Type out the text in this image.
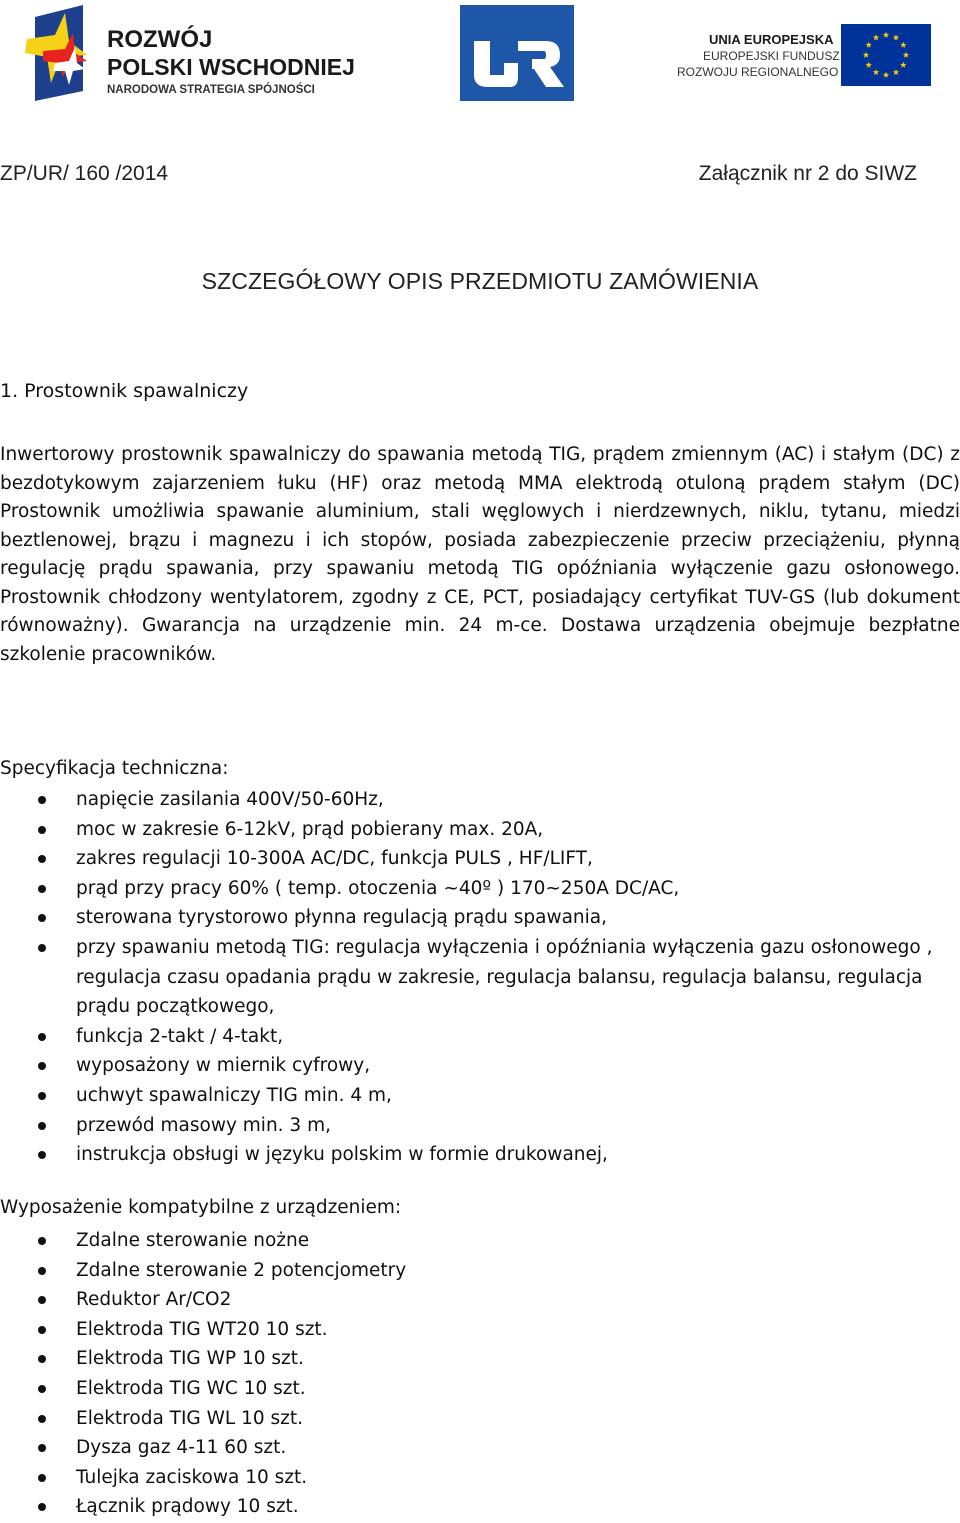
ROZWÓJ
POLSKI WSCHODNIEJ
NARODOWA STRATEGIA SPÓJNOŚCI
UNIA EUROPEJSKA
EUROPEJSKI FUNDUSZ
ROZWOJU REGIONALNEGO
ZP/UR/ 160 /2014	Załącznik nr 2 do SIWZ
SZCZEGÓŁOWY OPIS PRZEDMIOTU ZAMÓWIENIA
1. Prostownik spawalniczy

Inwertorowy prostownik spawalniczy do spawania metodą TIG, prądem zmiennym (AC) i stałym (DC) z bezdotykowym zajarzeniem łuku (HF) oraz metodą MMA elektrodą otuloną prądem stałym (DC) Prostownik umożliwia spawanie aluminium, stali węglowych i nierdzewnych, niklu, tytanu, miedzi beztlenowej, brązu i magnezu i ich stopów, posiada zabezpieczenie przeciw przeciążeniu, płynną regulację prądu spawania, przy spawaniu metodą TIG opóźniania wyłączenie gazu osłonowego. Prostownik chłodzony wentylatorem, zgodny z CE, PCT, posiadający certyfikat TUV-GS (lub dokument równoważny). Gwarancja na urządzenie min. 24 m-ce. Dostawa urządzenia obejmuje bezpłatne szkolenie pracowników.

Specyfikacja techniczna:
napięcie zasilania 400V/50-60Hz,
moc w zakresie 6-12kV, prąd pobierany max. 20A,
zakres regulacji 10-300A AC/DC, funkcja PULS , HF/LIFT,
prąd przy pracy 60% ( temp. otoczenia ~40º ) 170~250A DC/AC,
sterowana tyrystorowo płynna regulacją prądu spawania,
przy spawaniu metodą TIG: regulacja wyłączenia i opóźniania wyłączenia gazu osłonowego , regulacja czasu opadania prądu w zakresie, regulacja balansu, regulacja balansu, regulacja prądu początkowego,
funkcja 2-takt / 4-takt,
wyposażony w miernik cyfrowy,
uchwyt spawalniczy TIG min. 4 m,
przewód masowy min. 3 m,
instrukcja obsługi w języku polskim w formie drukowanej,
Wyposażenie kompatybilne z urządzeniem:
Zdalne sterowanie nożne
Zdalne sterowanie 2 potencjometry
Reduktor Ar/CO2
Elektroda TIG WT20 10 szt.
Elektroda TIG WP 10 szt.
Elektroda TIG WC 10 szt.
Elektroda TIG WL 10 szt.
Dysza gaz 4-11 60 szt.
Tulejka zaciskowa 10 szt.
Łącznik prądowy 10 szt.
